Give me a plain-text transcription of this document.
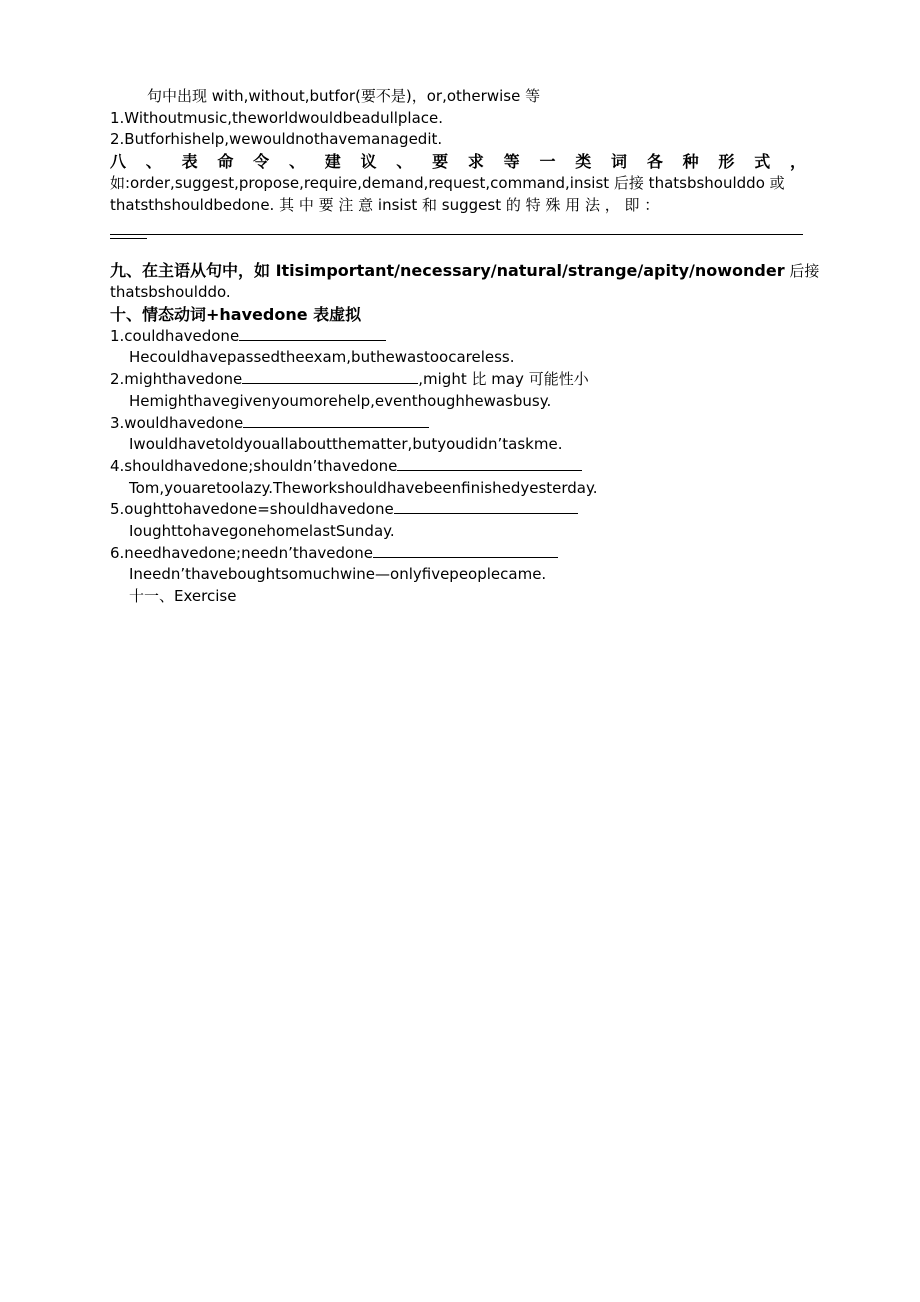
句中出现 with,without,butfor(要不是)，or,otherwise 等
1.Withoutmusic,theworldwouldbeadullplace.
2.Butforhishelp,wewouldnothavemanagedit.
八、表命令、建议、要求等一类词各种形式，
如:order,suggest,propose,require,demand,request,command,insist 后接 thatsbshoulddo 或
thatsthshouldbedone. 其 中 要 注 意 insist 和 suggest 的 特 殊 用 法 ， 即 ：
九、在主语从句中，如 Itisimportant/necessary/natural/strange/apity/nowonder 后接
thatsbshoulddo.
十、情态动词+havedone 表虚拟
1.couldhavedone
Hecouldhavepassedtheexam,buthewastoocareless.
2.mighthavedone	,might 比 may 可能性小
Hemighthavegivenyoumorehelp,eventhoughhewasbusy.
3.wouldhavedone
Iwouldhavetoldyouallaboutthematter,butyoudidn’taskme.
4.shouldhavedone;shouldn’thavedone
Tom,youaretoolazy.Theworkshouldhavebeenfinishedyesterday.
5.oughttohavedone=shouldhavedone
IoughttohavegonehomelastSunday.
6.needhavedone;needn’thavedone
Ineedn’thaveboughtsomuchwine—onlyfivepeoplecame.
十一、Exercise
